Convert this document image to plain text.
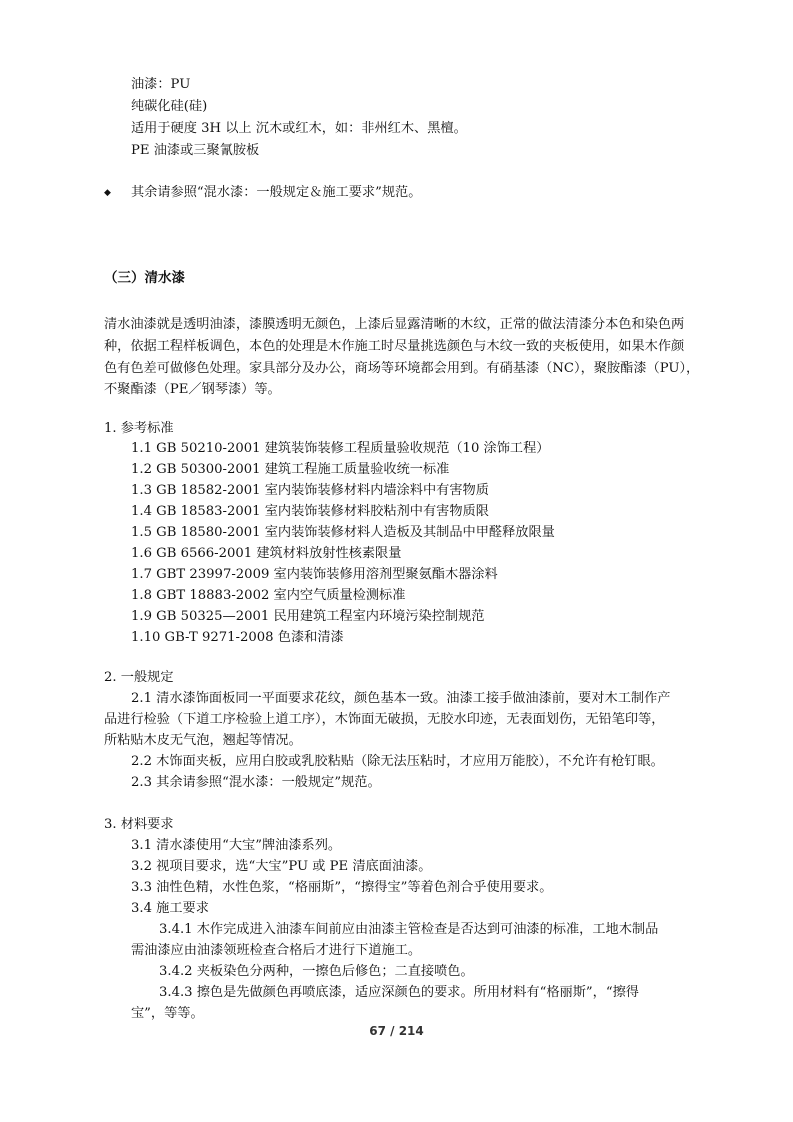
油漆：PU
纯碳化硅(硅)
适用于硬度 3H 以上 沉木或红木，如：非州红木、黑檀。
PE 油漆或三聚氰胺板
◆ 其余请参照“混水漆：一般规定＆施工要求”规范。
（三）清水漆
清水油漆就是透明油漆，漆膜透明无颜色，上漆后显露清晰的木纹，正常的做法清漆分本色和染色两
种，依据工程样板调色，本色的处理是木作施工时尽量挑选颜色与木纹一致的夹板使用，如果木作颜
色有色差可做修色处理。家具部分及办公，商场等环境都会用到。有硝基漆（NC），聚胺酯漆（PU），
不聚酯漆（PE／钢琴漆）等。
1. 参考标准
1.1 GB 50210-2001 建筑装饰装修工程质量验收规范（10 涂饰工程）
1.2 GB 50300-2001 建筑工程施工质量验收统一标准
1.3 GB 18582-2001 室内装饰装修材料内墙涂料中有害物质
1.4 GB 18583-2001 室内装饰装修材料胶粘剂中有害物质限
1.5 GB 18580-2001 室内装饰装修材料人造板及其制品中甲醛释放限量
1.6 GB 6566-2001 建筑材料放射性核素限量
1.7 GBT 23997-2009 室内装饰装修用溶剂型聚氨酯木器涂料
1.8 GBT 18883-2002 室内空气质量检测标准
1.9 GB 50325—2001 民用建筑工程室内环境污染控制规范
1.10 GB-T 9271-2008 色漆和清漆
2. 一般规定
2.1 清水漆饰面板同一平面要求花纹，颜色基本一致。油漆工接手做油漆前，要对木工制作产
品进行检验（下道工序检验上道工序），木饰面无破损，无胶水印迹，无表面划伤，无铅笔印等，
所粘贴木皮无气泡，翘起等情况。
2.2 木饰面夹板，应用白胶或乳胶粘贴（除无法压粘时，才应用万能胶），不允许有枪钉眼。
2.3 其余请参照“混水漆：一般规定”规范。
3. 材料要求
3.1 清水漆使用“大宝”牌油漆系列。
3.2 视项目要求，选“大宝”PU 或 PE 清底面油漆。
3.3 油性色精，水性色浆，“格丽斯”，“擦得宝”等着色剂合乎使用要求。
3.4 施工要求
3.4.1 木作完成进入油漆车间前应由油漆主管检查是否达到可油漆的标准，工地木制品
需油漆应由油漆领班检查合格后才进行下道施工。
3.4.2 夹板染色分两种，一擦色后修色；二直接喷色。
3.4.3 擦色是先做颜色再喷底漆，适应深颜色的要求。所用材料有“格丽斯”，“擦得
宝”，等等。
67 / 214
